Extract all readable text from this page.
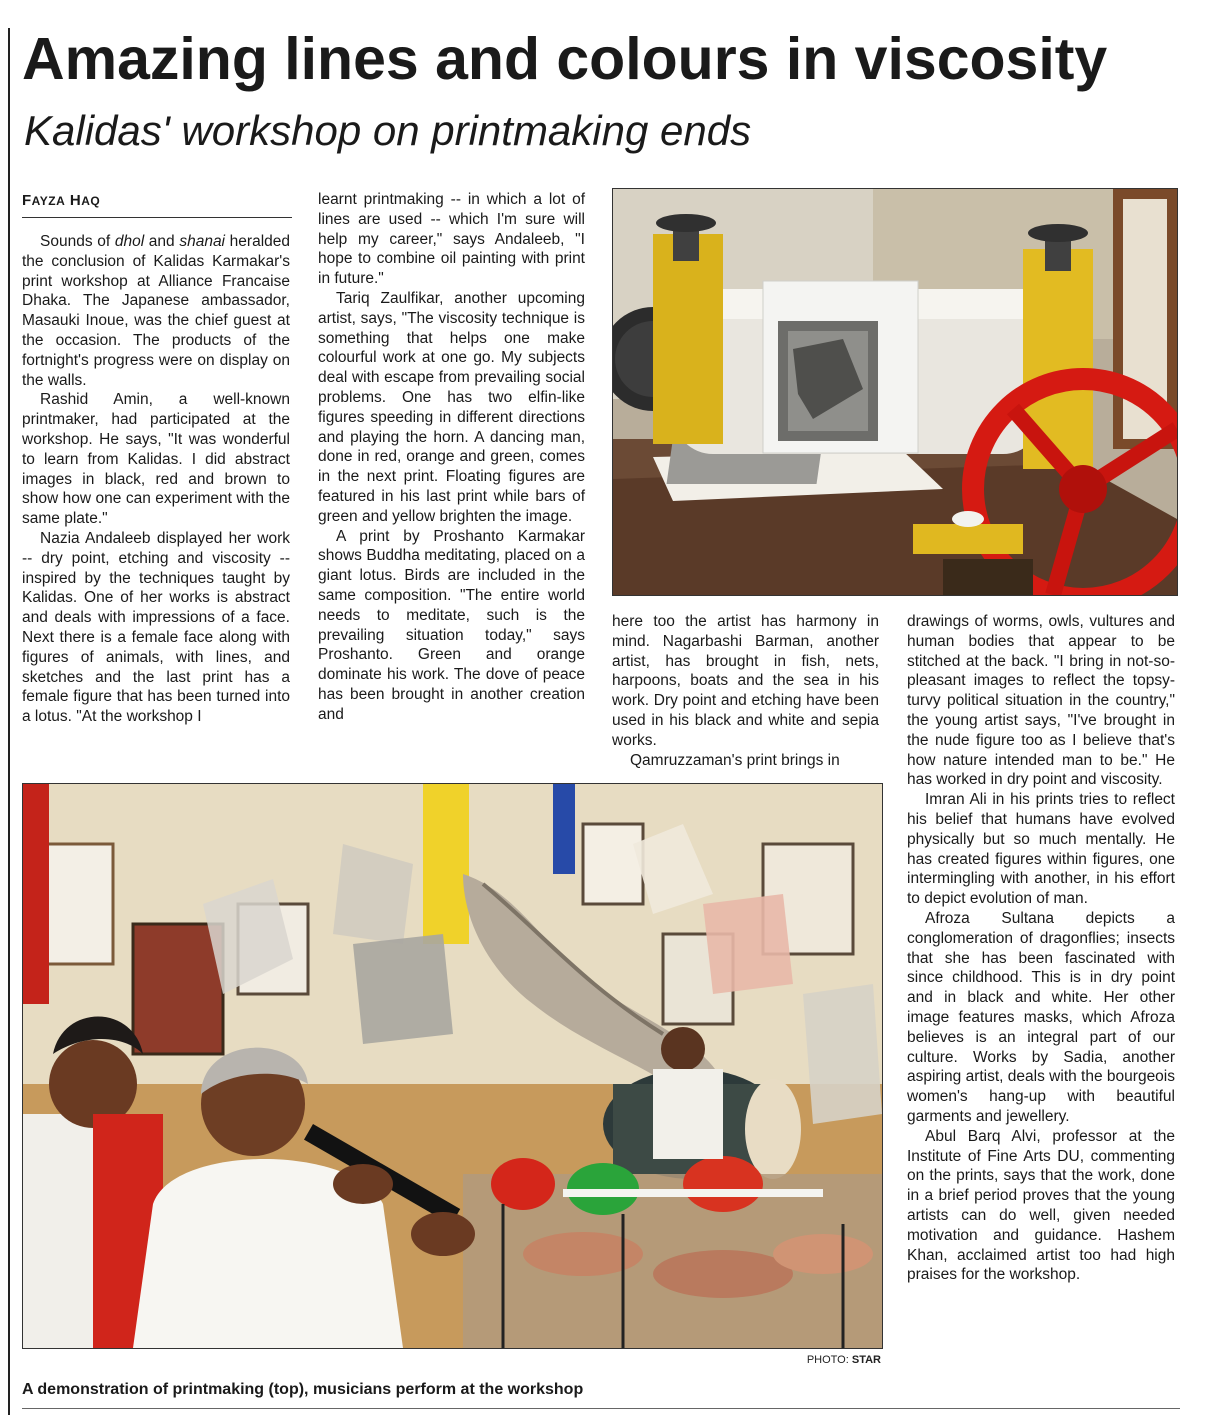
Amazing lines and colours in viscosity
Kalidas' workshop on printmaking ends
FAYZA HAQ

Sounds of dhol and shanai heralded the conclusion of Kalidas Karmakar's print workshop at Alliance Francaise Dhaka. The Japanese ambassador, Masauki Inoue, was the chief guest at the occasion. The products of the fortnight's progress were on display on the walls.

Rashid Amin, a well-known printmaker, had participated at the workshop. He says, "It was wonderful to learn from Kalidas. I did abstract images in black, red and brown to show how one can experiment with the same plate."

Nazia Andaleeb displayed her work -- dry point, etching and viscosity -- inspired by the techniques taught by Kalidas. One of her works is abstract and deals with impressions of a face. Next there is a female face along with figures of animals, with lines, and sketches and the last print has a female figure that has been turned into a lotus. "At the workshop I

learnt printmaking -- in which a lot of lines are used -- which I'm sure will help my career," says Andaleeb, "I hope to combine oil painting with print in future."

Tariq Zaulfikar, another upcoming artist, says, "The viscosity technique is something that helps one make colourful work at one go. My subjects deal with escape from prevailing social problems. One has two elfin-like figures speeding in different directions and playing the horn. A dancing man, done in red, orange and green, comes in the next print. Floating figures are featured in his last print while bars of green and yellow brighten the image.

A print by Proshanto Karmakar shows Buddha meditating, placed on a giant lotus. Birds are included in the same composition. "The entire world needs to meditate, such is the prevailing situation today," says Proshanto. Green and orange dominate his work. The dove of peace has been brought in another creation and

here too the artist has harmony in mind. Nagarbashi Barman, another artist, has brought in fish, nets, harpoons, boats and the sea in his work. Dry point and etching have been used in his black and white and sepia works.

Qamruzzaman's print brings in

drawings of worms, owls, vultures and human bodies that appear to be stitched at the back. "I bring in not-so-pleasant images to reflect the topsy-turvy political situation in the country," the young artist says, "I've brought in the nude figure too as I believe that's how nature intended man to be." He has worked in dry point and viscosity.

Imran Ali in his prints tries to reflect his belief that humans have evolved physically but so much mentally. He has created figures within figures, one intermingling with another, in his effort to depict evolution of man.

Afroza Sultana depicts a conglomeration of dragonflies; insects that she has been fascinated with since childhood. This is in dry point and in black and white. Her other image features masks, which Afroza believes is an integral part of our culture. Works by Sadia, another aspiring artist, deals with the bourgeois women's hang-up with beautiful garments and jewellery.

Abul Barq Alvi, professor at the Institute of Fine Arts DU, commenting on the prints, says that the work, done in a brief period proves that the young artists can do well, given needed motivation and guidance. Hashem Khan, acclaimed artist too had high praises for the workshop.

PHOTO: STAR
A demonstration of printmaking (top), musicians perform at the workshop
